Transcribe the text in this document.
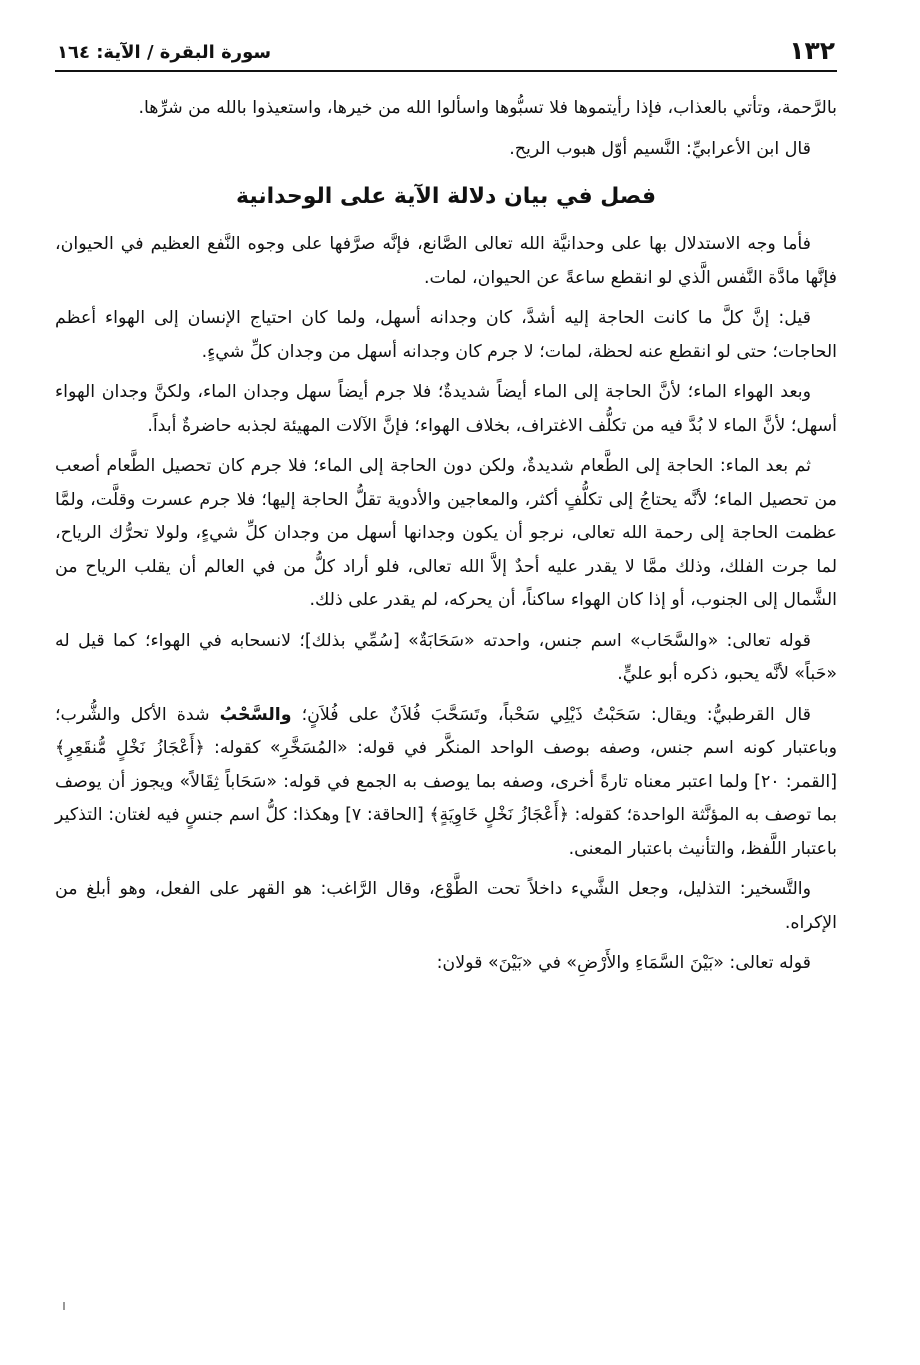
١٣٢
سورة البقرة / الآية: ١٦٤

بالرَّحمة، وتأتي بالعذاب، فإذا رأيتموها فلا تسبُّوها واسألوا الله من خيرها، واستعيذوا بالله من شرِّها.

قال ابن الأعرابيِّ: النَّسيم أوّل هبوب الريح.

فصل في بيان دلالة الآية على الوحدانية

فأما وجه الاستدلال بها على وحدانيَّة الله تعالى الصَّانع، فإنَّه صرَّفها على وجوه النَّفع العظيم في الحيوان، فإنَّها مادَّة النَّفس الَّذي لو انقطع ساعةً عن الحيوان، لمات.

قيل: إنَّ كلَّ ما كانت الحاجة إليه أشدَّ، كان وجدانه أسهل، ولما كان احتياج الإنسان إلى الهواء أعظم الحاجات؛ حتى لو انقطع عنه لحظة، لمات؛ لا جرم كان وجدانه أسهل من وجدان كلِّ شيءٍ.

وبعد الهواء الماء؛ لأنَّ الحاجة إلى الماء أيضاً شديدةٌ؛ فلا جرم أيضاً سهل وجدان الماء، ولكنَّ وجدان الهواء أسهل؛ لأنَّ الماء لا بُدَّ فيه من تكلُّف الاغتراف، بخلاف الهواء؛ فإنَّ الآلات المهيئة لجذبه حاضرةٌ أبداً.

ثم بعد الماء: الحاجة إلى الطَّعام شديدةٌ، ولكن دون الحاجة إلى الماء؛ فلا جرم كان تحصيل الطَّعام أصعب من تحصيل الماء؛ لأنَّه يحتاجُ إلى تكلُّفٍ أكثر، والمعاجين والأدوية تقلُّ الحاجة إليها؛ فلا جرم عسرت وقلَّت، ولمَّا عظمت الحاجة إلى رحمة الله تعالى، نرجو أن يكون وجدانها أسهل من وجدان كلِّ شيءٍ، ولولا تحرُّك الرياح، لما جرت الفلك، وذلك ممَّا لا يقدر عليه أحدٌ إلاَّ الله تعالى، فلو أراد كلُّ من في العالم أن يقلب الرياح من الشَّمال إلى الجنوب، أو إذا كان الهواء ساكناً، أن يحركه، لم يقدر على ذلك.

قوله تعالى: «والسَّحَاب» اسم جنس، واحدته «سَحَابَةٌ» [سُمِّي بذلك]؛ لانسحابه في الهواء؛ كما قيل له «حَباً» لأنَّه يحبو، ذكره أبو عليٍّ.

قال القرطبيُّ: ويقال: سَحَبْتُ ذَيْلِي سَحْباً، وتَسَحَّبَ فُلاَنٌ على فُلاَنٍ؛ والسَّحْبُ شدة الأكل والشُّرب؛ وباعتبار كونه اسم جنس، وصفه بوصف الواحد المنكَّر في قوله: «المُسَخَّرِ» كقوله: ﴿أَعْجَازُ نَخْلٍ مُّنقَعِرٍ﴾ [القمر: ٢٠] ولما اعتبر معناه تارةً أخرى، وصفه بما يوصف به الجمع في قوله: «سَحَاباً ثِقَالاً» ويجوز أن يوصف بما توصف به المؤنَّثة الواحدة؛ كقوله: ﴿أَعْجَازُ نَخْلٍ خَاوِيَةٍ﴾ [الحاقة: ٧] وهكذا: كلُّ اسم جنسٍ فيه لغتان: التذكير باعتبار اللَّفظ، والتأنيث باعتبار المعنى.

والتَّسخير: التذليل، وجعل الشَّيء داخلاً تحت الطَّوْع، وقال الرَّاغب: هو القهر على الفعل، وهو أبلغ من الإكراه.

قوله تعالى: «بَيْنَ السَّمَاءِ والأَرْضِ» في «بَيْنَ» قولان:
